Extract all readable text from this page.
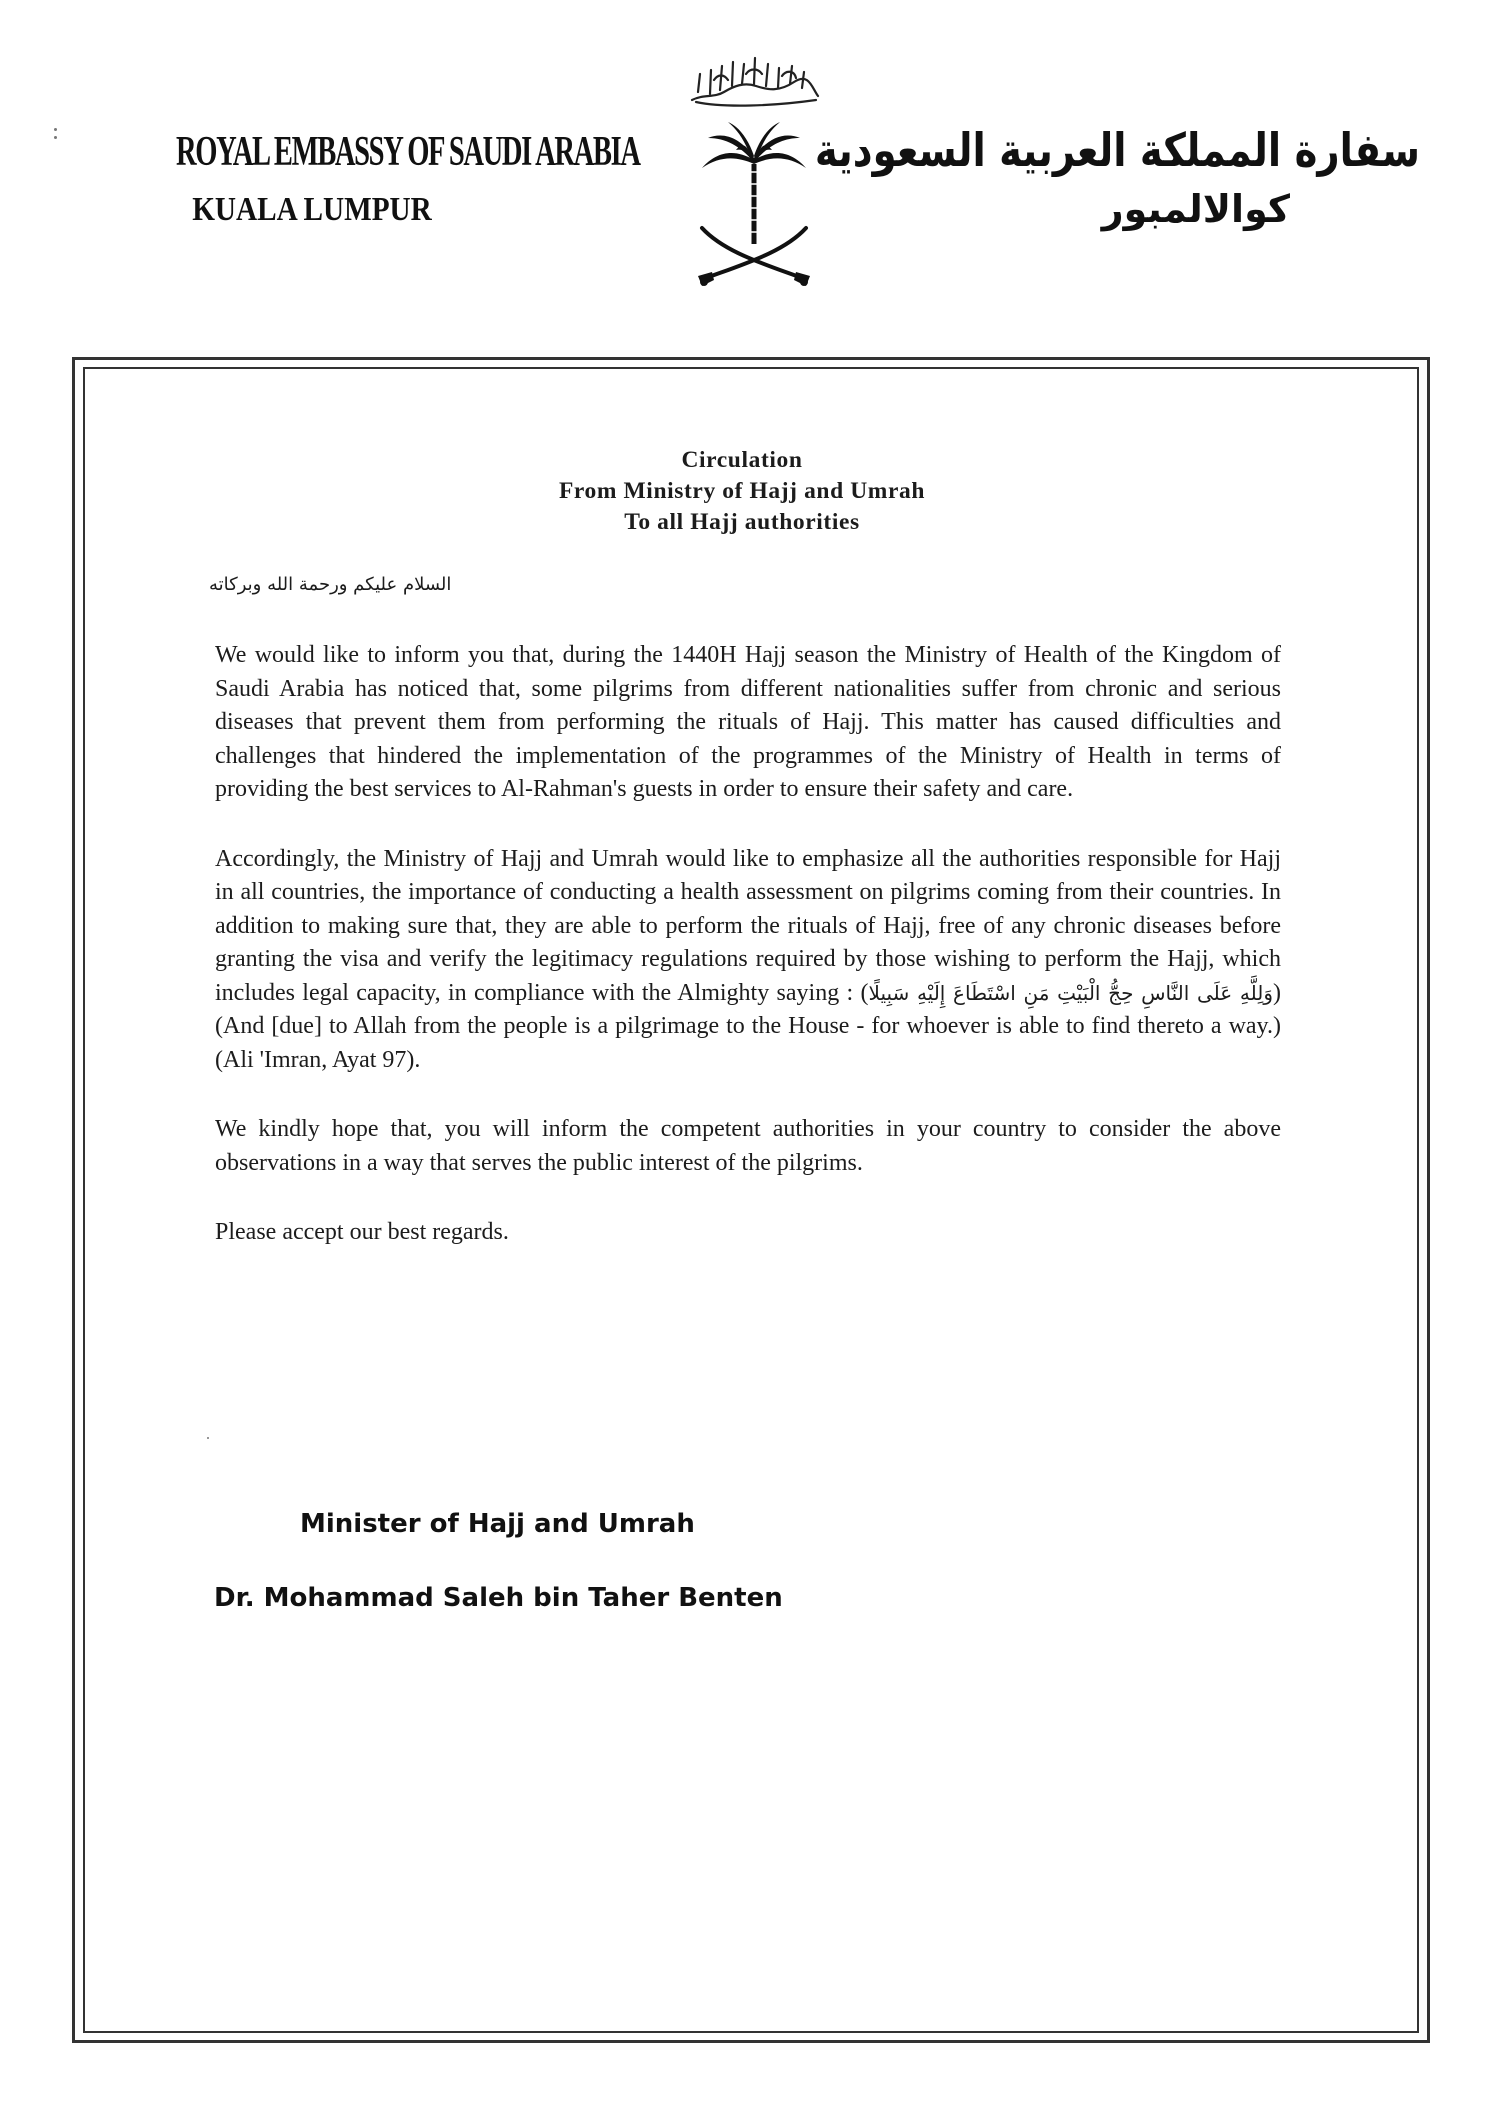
ROYAL EMBASSY OF SAUDI ARABIA
KUALA LUMPUR
سفارة المملكة العربية السعودية
كوالالمبور
Circulation
From Ministry of Hajj and Umrah
To all Hajj authorities
السلام عليكم ورحمة الله وبركاته

We would like to inform you that, during the 1440H Hajj season the Ministry of Health of the Kingdom of Saudi Arabia has noticed that, some pilgrims from different nationalities suffer from chronic and serious diseases that prevent them from performing the rituals of Hajj. This matter has caused difficulties and challenges that hindered the implementation of the programmes of the Ministry of Health in terms of providing the best services to Al-Rahman's guests in order to ensure their safety and care.

Accordingly, the Ministry of Hajj and Umrah would like to emphasize all the authorities responsible for Hajj in all countries, the importance of conducting a health assessment on pilgrims coming from their countries. In addition to making sure that, they are able to perform the rituals of Hajj, free of any chronic diseases before granting the visa and verify the legitimacy regulations required by those wishing to perform the Hajj, which includes legal capacity, in compliance with the Almighty saying : (وَلِلَّهِ عَلَى النَّاسِ حِجُّ الْبَيْتِ مَنِ اسْتَطَاعَ إِلَيْهِ سَبِيلًا) (And [due] to Allah from the people is a pilgrimage to the House - for whoever is able to find thereto a way.) (Ali 'Imran, Ayat 97).

We kindly hope that, you will inform the competent authorities in your country to consider the above observations in a way that serves the public interest of the pilgrims.

Please accept our best regards.

Minister of Hajj and Umrah
Dr. Mohammad Saleh bin Taher Benten
